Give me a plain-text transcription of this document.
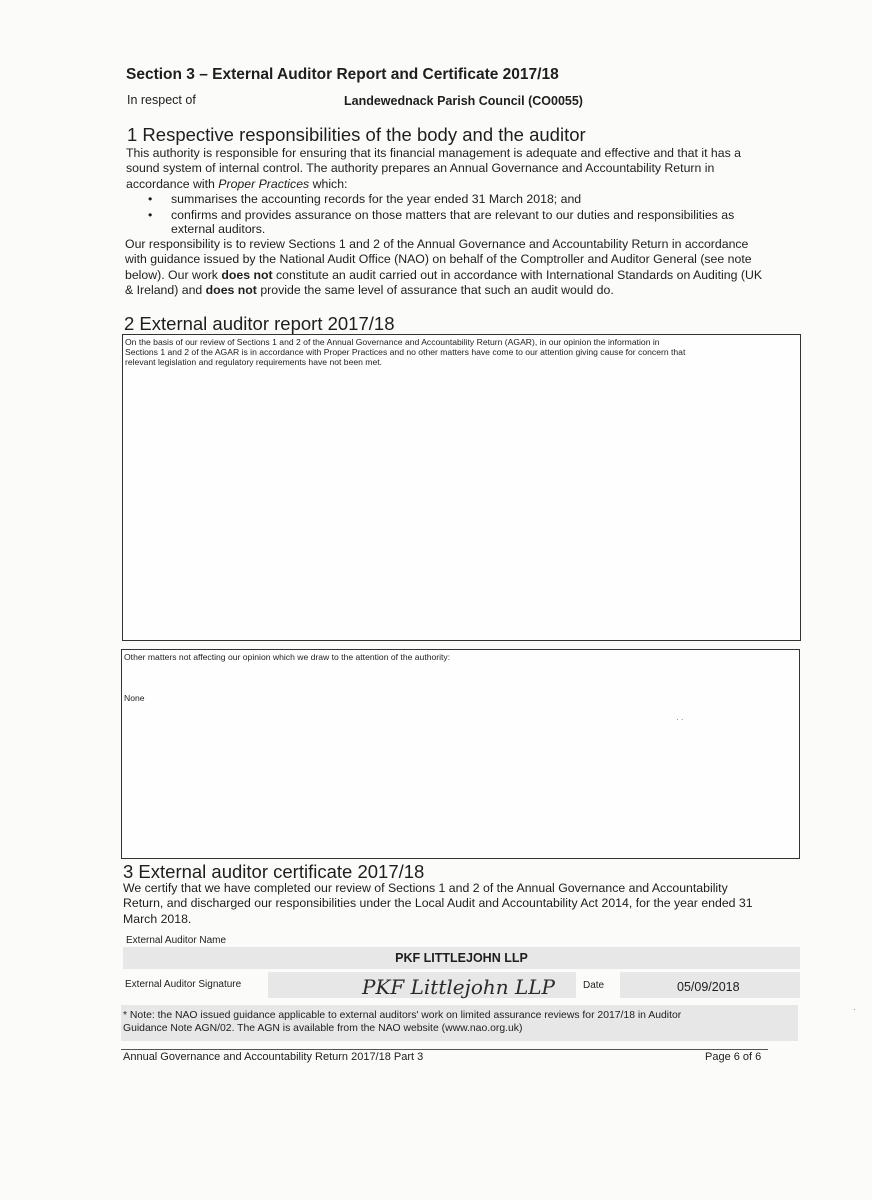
Section 3 – External Auditor Report and Certificate 2017/18
In respect of	Landewednack Parish Council (CO0055)
1 Respective responsibilities of the body and the auditor
This authority is responsible for ensuring that its financial management is adequate and effective and that it has a
sound system of internal control. The authority prepares an Annual Governance and Accountability Return in
accordance with Proper Practices which:
• summarises the accounting records for the year ended 31 March 2018; and
• confirms and provides assurance on those matters that are relevant to our duties and responsibilities as
external auditors.
Our responsibility is to review Sections 1 and 2 of the Annual Governance and Accountability Return in accordance
with guidance issued by the National Audit Office (NAO) on behalf of the Comptroller and Auditor General (see note
below). Our work does not constitute an audit carried out in accordance with International Standards on Auditing (UK
& Ireland) and does not provide the same level of assurance that such an audit would do.
2 External auditor report 2017/18
On the basis of our review of Sections 1 and 2 of the Annual Governance and Accountability Return (AGAR), in our opinion the information in
Sections 1 and 2 of the AGAR is in accordance with Proper Practices and no other matters have come to our attention giving cause for concern that
relevant legislation and regulatory requirements have not been met.
Other matters not affecting our opinion which we draw to the attention of the authority:
None
3 External auditor certificate 2017/18
We certify that we have completed our review of Sections 1 and 2 of the Annual Governance and Accountability
Return, and discharged our responsibilities under the Local Audit and Accountability Act 2014, for the year ended 31
March 2018.
External Auditor Name
PKF LITTLEJOHN LLP
External Auditor Signature	PKF Littlejohn LLP	Date	05/09/2018
* Note: the NAO issued guidance applicable to external auditors' work on limited assurance reviews for 2017/18 in Auditor
Guidance Note AGN/02. The AGN is available from the NAO website (www.nao.org.uk)
Annual Governance and Accountability Return 2017/18 Part 3	Page 6 of 6
· ·
·
